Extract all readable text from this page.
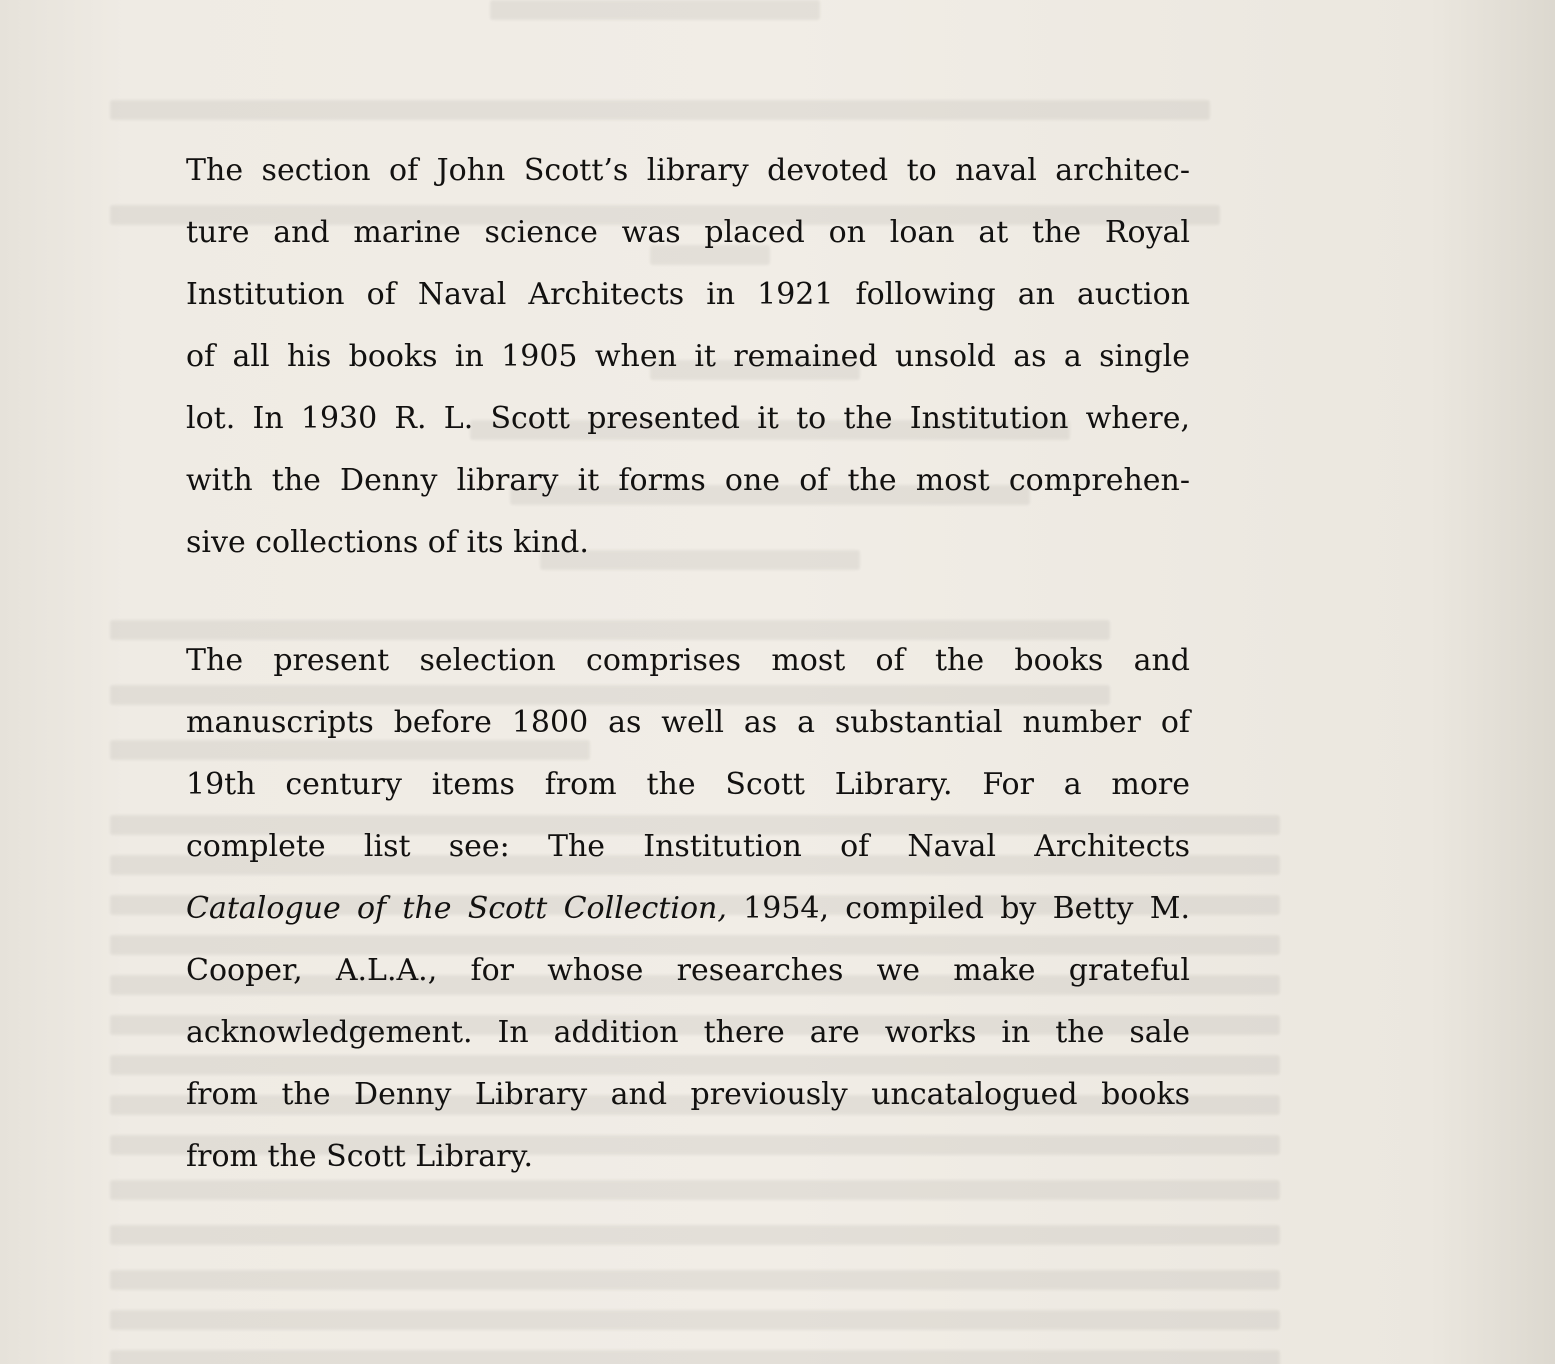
The section of John Scott’s library devoted to naval architec-
ture and marine science was placed on loan at the Royal
Institution of Naval Architects in 1921 following an auction
of all his books in 1905 when it remained unsold as a single
lot. In 1930 R. L. Scott presented it to the Institution where,
with the Denny library it forms one of the most comprehen-
sive collections of its kind.
The present selection comprises most of the books and
manuscripts before 1800 as well as a substantial number of
19th century items from the Scott Library. For a more
complete list see: The Institution of Naval Architects
Catalogue of the Scott Collection, 1954, compiled by Betty M.
Cooper, A.L.A., for whose researches we make grateful
acknowledgement. In addition there are works in the sale
from the Denny Library and previously uncatalogued books
from the Scott Library.
